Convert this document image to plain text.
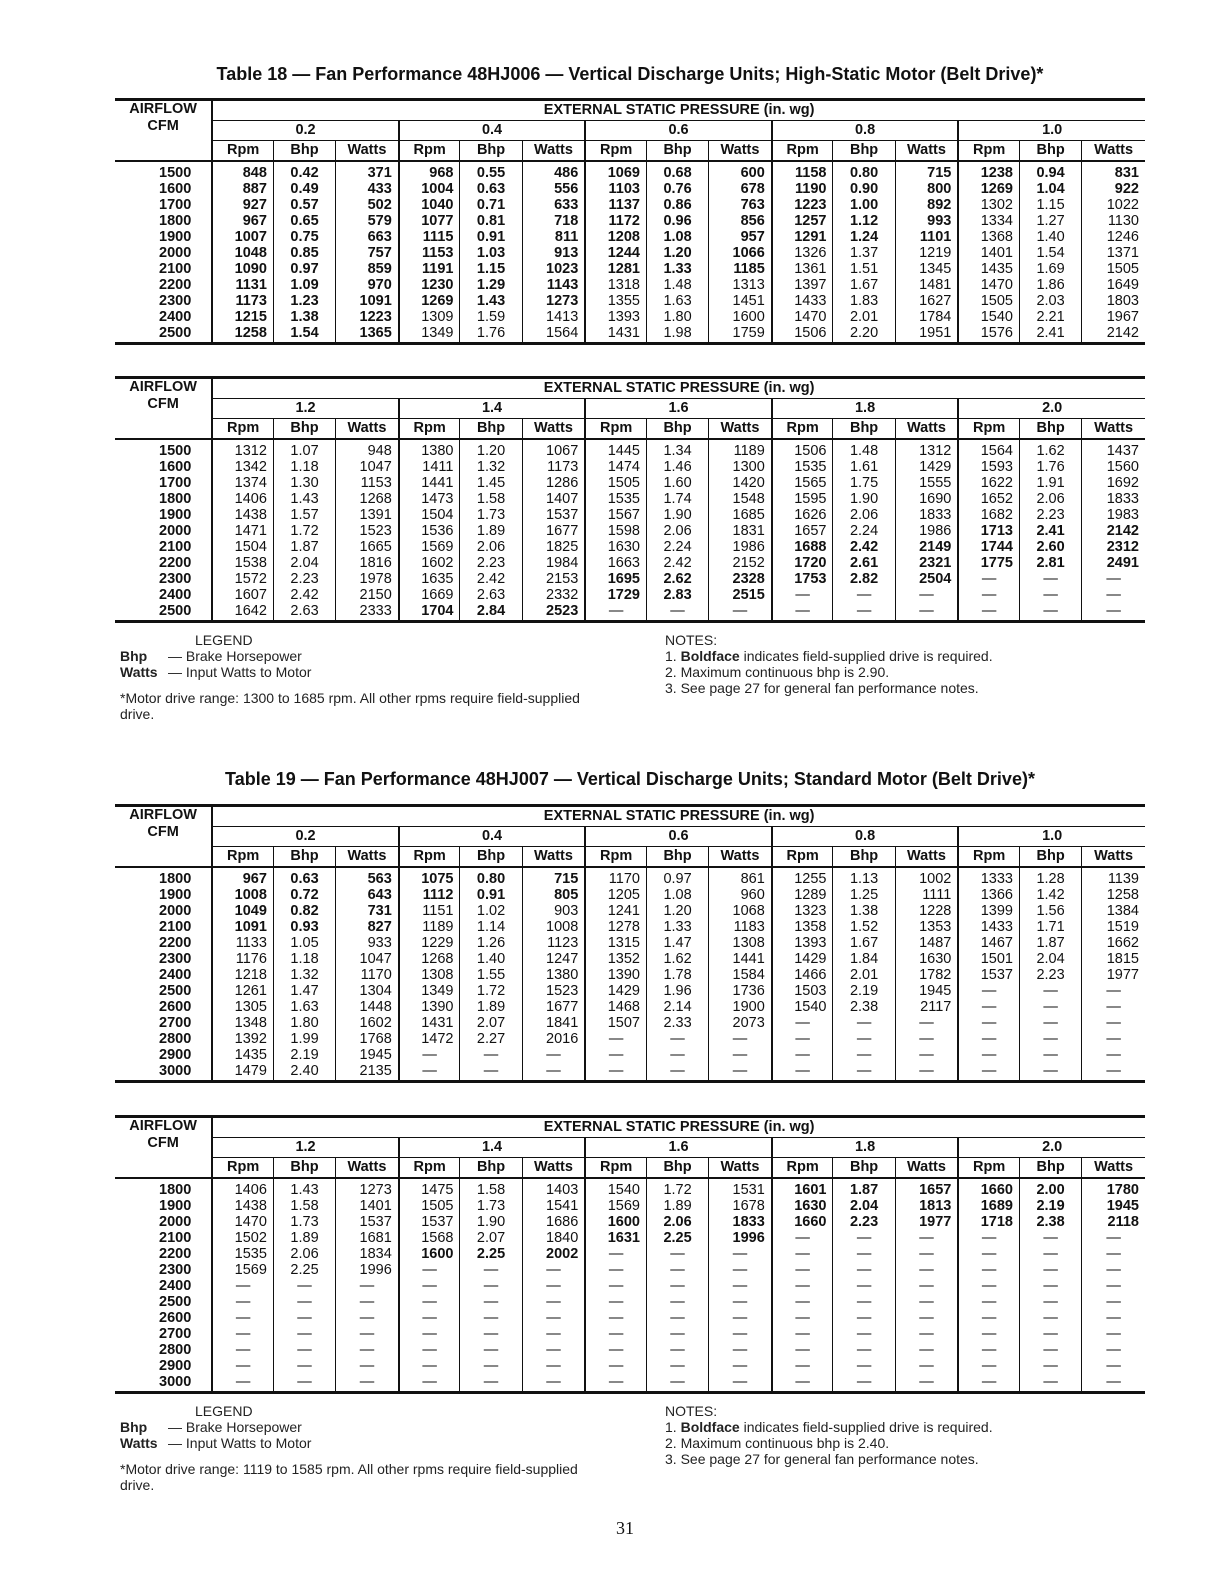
Table 18 — Fan Performance 48HJ006 — Vertical Discharge Units; High-Static Motor (Belt Drive)*
AIRFLOW
CFM	EXTERNAL STATIC PRESSURE (in. wg)														
	0.2			0.4			0.6			0.8			1.0		
	Rpm	Bhp	Watts	Rpm	Bhp	Watts	Rpm	Bhp	Watts	Rpm	Bhp	Watts	Rpm	Bhp	Watts
1500	848	0.42	371	968	0.55	486	1069	0.68	600	1158	0.80	715	1238	0.94	831
1600	887	0.49	433	1004	0.63	556	1103	0.76	678	1190	0.90	800	1269	1.04	922
1700	927	0.57	502	1040	0.71	633	1137	0.86	763	1223	1.00	892	1302	1.15	1022
1800	967	0.65	579	1077	0.81	718	1172	0.96	856	1257	1.12	993	1334	1.27	1130
1900	1007	0.75	663	1115	0.91	811	1208	1.08	957	1291	1.24	1101	1368	1.40	1246
2000	1048	0.85	757	1153	1.03	913	1244	1.20	1066	1326	1.37	1219	1401	1.54	1371
2100	1090	0.97	859	1191	1.15	1023	1281	1.33	1185	1361	1.51	1345	1435	1.69	1505
2200	1131	1.09	970	1230	1.29	1143	1318	1.48	1313	1397	1.67	1481	1470	1.86	1649
2300	1173	1.23	1091	1269	1.43	1273	1355	1.63	1451	1433	1.83	1627	1505	2.03	1803
2400	1215	1.38	1223	1309	1.59	1413	1393	1.80	1600	1470	2.01	1784	1540	2.21	1967
2500	1258	1.54	1365	1349	1.76	1564	1431	1.98	1759	1506	2.20	1951	1576	2.41	2142
AIRFLOW
CFM	EXTERNAL STATIC PRESSURE (in. wg)														
	1.2			1.4			1.6			1.8			2.0		
	Rpm	Bhp	Watts	Rpm	Bhp	Watts	Rpm	Bhp	Watts	Rpm	Bhp	Watts	Rpm	Bhp	Watts
1500	1312	1.07	948	1380	1.20	1067	1445	1.34	1189	1506	1.48	1312	1564	1.62	1437
1600	1342	1.18	1047	1411	1.32	1173	1474	1.46	1300	1535	1.61	1429	1593	1.76	1560
1700	1374	1.30	1153	1441	1.45	1286	1505	1.60	1420	1565	1.75	1555	1622	1.91	1692
1800	1406	1.43	1268	1473	1.58	1407	1535	1.74	1548	1595	1.90	1690	1652	2.06	1833
1900	1438	1.57	1391	1504	1.73	1537	1567	1.90	1685	1626	2.06	1833	1682	2.23	1983
2000	1471	1.72	1523	1536	1.89	1677	1598	2.06	1831	1657	2.24	1986	1713	2.41	2142
2100	1504	1.87	1665	1569	2.06	1825	1630	2.24	1986	1688	2.42	2149	1744	2.60	2312
2200	1538	2.04	1816	1602	2.23	1984	1663	2.42	2152	1720	2.61	2321	1775	2.81	2491
2300	1572	2.23	1978	1635	2.42	2153	1695	2.62	2328	1753	2.82	2504	—	—	—
2400	1607	2.42	2150	1669	2.63	2332	1729	2.83	2515	—	—	—	—	—	—
2500	1642	2.63	2333	1704	2.84	2523	—	—	—	—	—	—	—	—	—
LEGEND
Bhp	— Brake Horsepower
Watts — Input Watts to Motor
*Motor drive range: 1300 to 1685 rpm. All other rpms require field-supplied drive.
NOTES:
1. Boldface indicates field-supplied drive is required.
2. Maximum continuous bhp is 2.90.
3. See page 27 for general fan performance notes.
Table 19 — Fan Performance 48HJ007 — Vertical Discharge Units; Standard Motor (Belt Drive)*
AIRFLOW
CFM	EXTERNAL STATIC PRESSURE (in. wg)														
	0.2			0.4			0.6			0.8			1.0		
	Rpm	Bhp	Watts	Rpm	Bhp	Watts	Rpm	Bhp	Watts	Rpm	Bhp	Watts	Rpm	Bhp	Watts
1800	967	0.63	563	1075	0.80	715	1170	0.97	861	1255	1.13	1002	1333	1.28	1139
1900	1008	0.72	643	1112	0.91	805	1205	1.08	960	1289	1.25	1111	1366	1.42	1258
2000	1049	0.82	731	1151	1.02	903	1241	1.20	1068	1323	1.38	1228	1399	1.56	1384
2100	1091	0.93	827	1189	1.14	1008	1278	1.33	1183	1358	1.52	1353	1433	1.71	1519
2200	1133	1.05	933	1229	1.26	1123	1315	1.47	1308	1393	1.67	1487	1467	1.87	1662
2300	1176	1.18	1047	1268	1.40	1247	1352	1.62	1441	1429	1.84	1630	1501	2.04	1815
2400	1218	1.32	1170	1308	1.55	1380	1390	1.78	1584	1466	2.01	1782	1537	2.23	1977
2500	1261	1.47	1304	1349	1.72	1523	1429	1.96	1736	1503	2.19	1945	—	—	—
2600	1305	1.63	1448	1390	1.89	1677	1468	2.14	1900	1540	2.38	2117	—	—	—
2700	1348	1.80	1602	1431	2.07	1841	1507	2.33	2073	—	—	—	—	—	—
2800	1392	1.99	1768	1472	2.27	2016	—	—	—	—	—	—	—	—	—
2900	1435	2.19	1945	—	—	—	—	—	—	—	—	—	—	—	—
3000	1479	2.40	2135	—	—	—	—	—	—	—	—	—	—	—	—
AIRFLOW
CFM	EXTERNAL STATIC PRESSURE (in. wg)														
	1.2			1.4			1.6			1.8			2.0		
	Rpm	Bhp	Watts	Rpm	Bhp	Watts	Rpm	Bhp	Watts	Rpm	Bhp	Watts	Rpm	Bhp	Watts
1800	1406	1.43	1273	1475	1.58	1403	1540	1.72	1531	1601	1.87	1657	1660	2.00	1780
1900	1438	1.58	1401	1505	1.73	1541	1569	1.89	1678	1630	2.04	1813	1689	2.19	1945
2000	1470	1.73	1537	1537	1.90	1686	1600	2.06	1833	1660	2.23	1977	1718	2.38	2118
2100	1502	1.89	1681	1568	2.07	1840	1631	2.25	1996	—	—	—	—	—	—
2200	1535	2.06	1834	1600	2.25	2002	—	—	—	—	—	—	—	—	—
2300	1569	2.25	1996	—	—	—	—	—	—	—	—	—	—	—	—
2400	—	—	—	—	—	—	—	—	—	—	—	—	—	—	—
2500	—	—	—	—	—	—	—	—	—	—	—	—	—	—	—
2600	—	—	—	—	—	—	—	—	—	—	—	—	—	—	—
2700	—	—	—	—	—	—	—	—	—	—	—	—	—	—	—
2800	—	—	—	—	—	—	—	—	—	—	—	—	—	—	—
2900	—	—	—	—	—	—	—	—	—	—	—	—	—	—	—
3000	—	—	—	—	—	—	—	—	—	—	—	—	—	—	—
LEGEND
Bhp	— Brake Horsepower
Watts — Input Watts to Motor
*Motor drive range: 1119 to 1585 rpm. All other rpms require field-supplied drive.
NOTES:
1. Boldface indicates field-supplied drive is required.
2. Maximum continuous bhp is 2.40.
3. See page 27 for general fan performance notes.
31
